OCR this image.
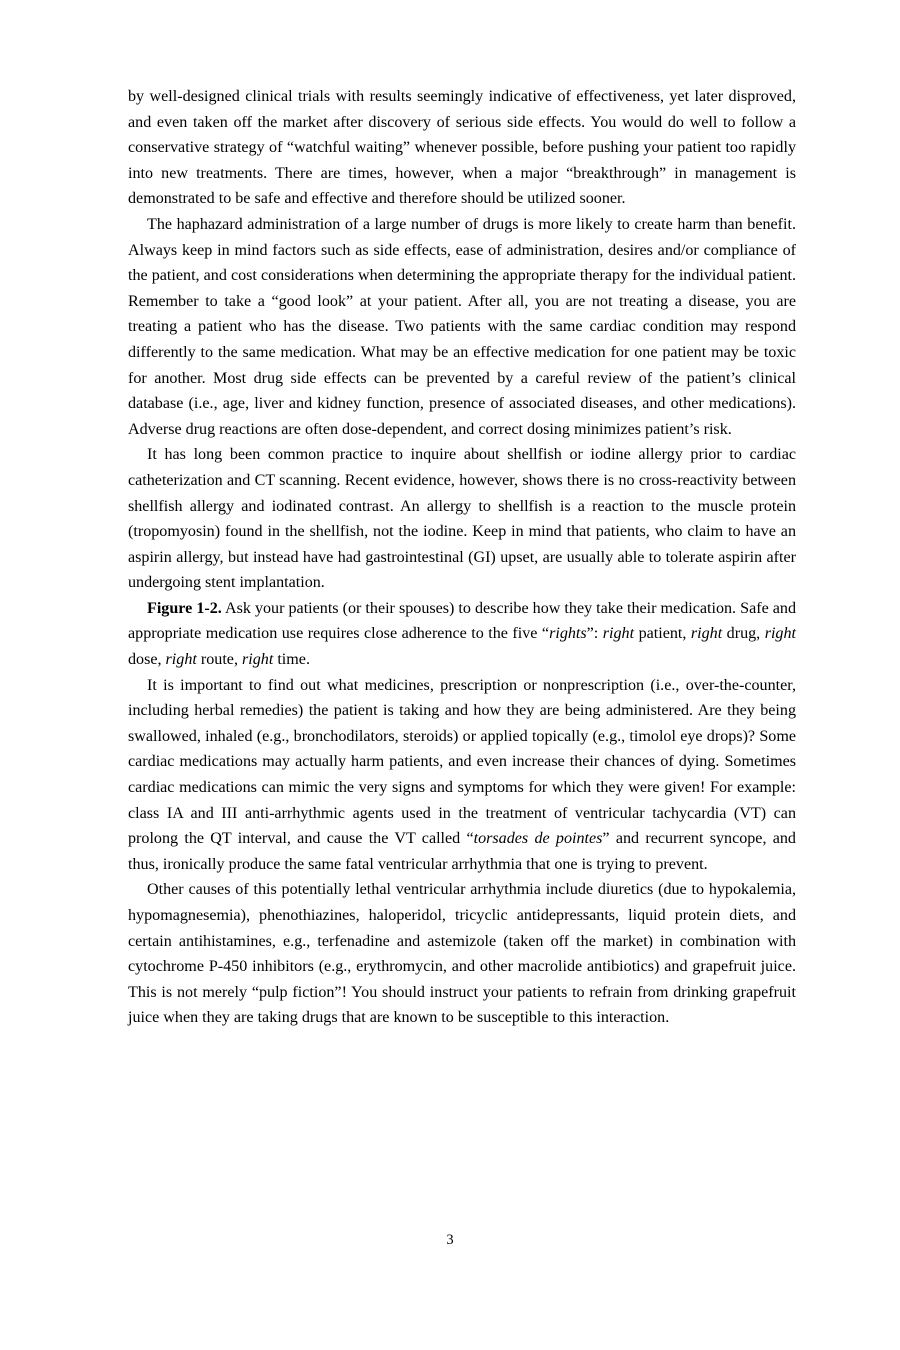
by well-designed clinical trials with results seemingly indicative of effectiveness, yet later disproved, and even taken off the market after discovery of serious side effects. You would do well to follow a conservative strategy of “watchful waiting” whenever possible, before pushing your patient too rapidly into new treatments. There are times, however, when a major “breakthrough” in management is demonstrated to be safe and effective and therefore should be utilized sooner.

The haphazard administration of a large number of drugs is more likely to create harm than benefit. Always keep in mind factors such as side effects, ease of administration, desires and/or compliance of the patient, and cost considerations when determining the appropriate therapy for the individual patient. Remember to take a “good look” at your patient. After all, you are not treating a disease, you are treating a patient who has the disease. Two patients with the same cardiac condition may respond differently to the same medication. What may be an effective medication for one patient may be toxic for another. Most drug side effects can be prevented by a careful review of the patient’s clinical database (i.e., age, liver and kidney function, presence of associated diseases, and other medications). Adverse drug reactions are often dose-dependent, and correct dosing minimizes patient’s risk.

It has long been common practice to inquire about shellfish or iodine allergy prior to cardiac catheterization and CT scanning. Recent evidence, however, shows there is no cross-reactivity between shellfish allergy and iodinated contrast. An allergy to shellfish is a reaction to the muscle protein (tropomyosin) found in the shellfish, not the iodine. Keep in mind that patients, who claim to have an aspirin allergy, but instead have had gastrointestinal (GI) upset, are usually able to tolerate aspirin after undergoing stent implantation.

Figure 1-2. Ask your patients (or their spouses) to describe how they take their medication. Safe and appropriate medication use requires close adherence to the five “rights”: right patient, right drug, right dose, right route, right time.

It is important to find out what medicines, prescription or nonprescription (i.e., over-the-counter, including herbal remedies) the patient is taking and how they are being administered. Are they being swallowed, inhaled (e.g., bronchodilators, steroids) or applied topically (e.g., timolol eye drops)? Some cardiac medications may actually harm patients, and even increase their chances of dying. Sometimes cardiac medications can mimic the very signs and symptoms for which they were given! For example: class IA and III anti-arrhythmic agents used in the treatment of ventricular tachycardia (VT) can prolong the QT interval, and cause the VT called “torsades de pointes” and recurrent syncope, and thus, ironically produce the same fatal ventricular arrhythmia that one is trying to prevent.

Other causes of this potentially lethal ventricular arrhythmia include diuretics (due to hypokalemia, hypomagnesemia), phenothiazines, haloperidol, tricyclic antidepressants, liquid protein diets, and certain antihistamines, e.g., terfenadine and astemizole (taken off the market) in combination with cytochrome P-450 inhibitors (e.g., erythromycin, and other macrolide antibiotics) and grapefruit juice. This is not merely “pulp fiction”! You should instruct your patients to refrain from drinking grapefruit juice when they are taking drugs that are known to be susceptible to this interaction.

3
